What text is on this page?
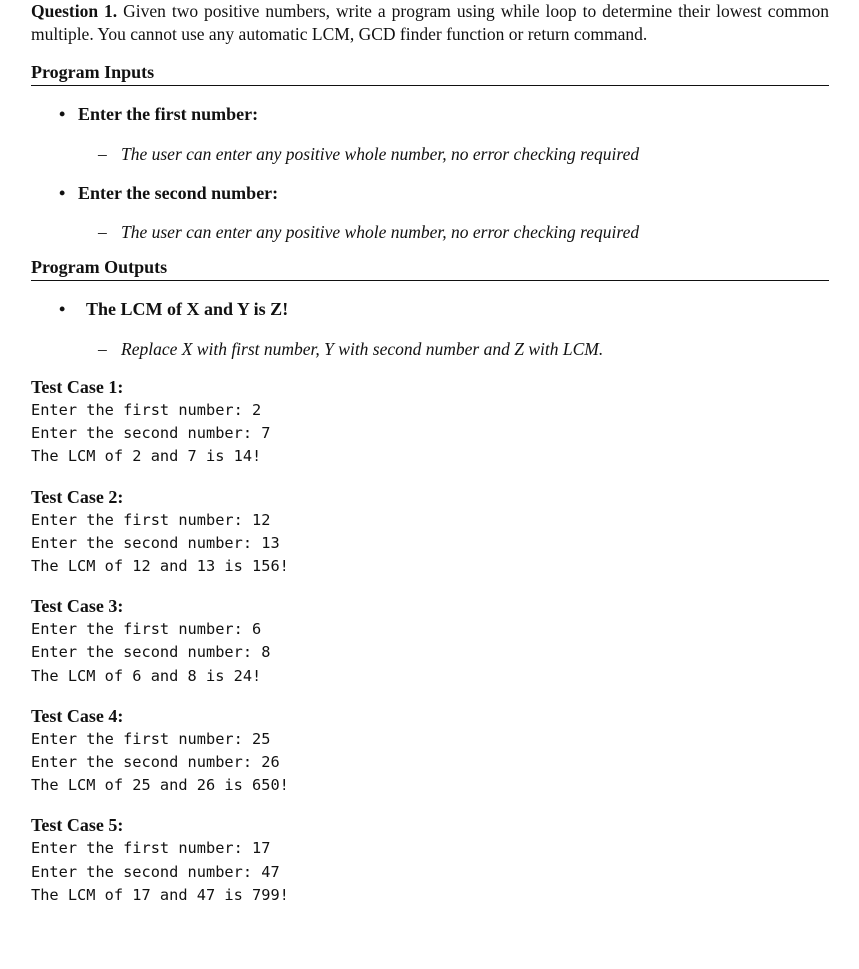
Question 1. Given two positive numbers, write a program using while loop to determine their lowest common multiple. You cannot use any automatic LCM, GCD finder function or return command.

Program Inputs
• Enter the first number:
– The user can enter any positive whole number, no error checking required
• Enter the second number:
– The user can enter any positive whole number, no error checking required
Program Outputs
• The LCM of X and Y is Z!
– Replace X with first number, Y with second number and Z with LCM.
Test Case 1:
Enter the first number: 2
Enter the second number: 7
The LCM of 2 and 7 is 14!
Test Case 2:
Enter the first number: 12
Enter the second number: 13
The LCM of 12 and 13 is 156!
Test Case 3:
Enter the first number: 6
Enter the second number: 8
The LCM of 6 and 8 is 24!
Test Case 4:
Enter the first number: 25
Enter the second number: 26
The LCM of 25 and 26 is 650!
Test Case 5:
Enter the first number: 17
Enter the second number: 47
The LCM of 17 and 47 is 799!
